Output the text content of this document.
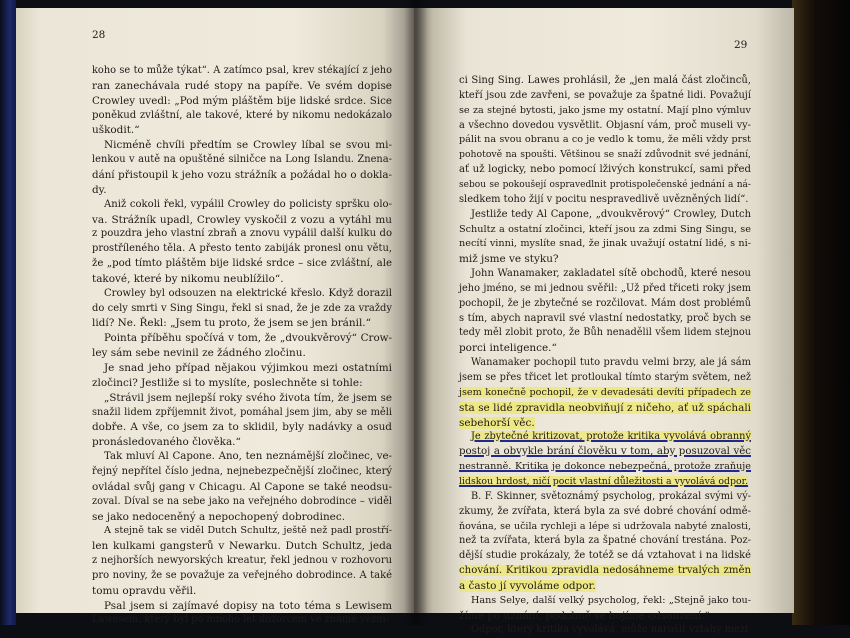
28
koho se to může týkat“. A zatímco psal, krev stékající z jeho
ran zanechávala rudé stopy na papíře. Ve svém dopise
Crowley uvedl: „Pod mým pláštěm bije lidské srdce. Sice
poněkud zvláštní, ale takové, které by nikomu nedokázalo
uškodit.“
Nicméně chvíli předtím se Crowley líbal se svou mi-
lenkou v autě na opuštěné silničce na Long Islandu. Znena-
dání přistoupil k jeho vozu strážník a požádal ho o dokla-
dy.
Aniž cokoli řekl, vypálil Crowley do policisty spršku olo-
va. Strážník upadl, Crowley vyskočil z vozu a vytáhl mu
z pouzdra jeho vlastní zbraň a znovu vypálil další kulku do
prostříleného těla. A přesto tento zabiják pronesl onu větu,
že „pod tímto pláštěm bije lidské srdce – sice zvláštní, ale
takové, které by nikomu neublížilo“.
Crowley byl odsouzen na elektrické křeslo. Když dorazil
do cely smrti v Sing Singu, řekl si snad, že je zde za vraždy
lidí? Ne. Řekl: „Jsem tu proto, že jsem se jen bránil.“
Pointa příběhu spočívá v tom, že „dvoukvěrový“ Crow-
ley sám sebe nevinil ze žádného zločinu.
Je snad jeho případ nějakou výjimkou mezi ostatními
zločinci? Jestliže si to myslíte, poslechněte si tohle:
„Strávil jsem nejlepší roky svého života tím, že jsem se
snažil lidem zpříjemnit život, pomáhal jsem jim, aby se měli
dobře. A vše, co jsem za to sklidil, byly nadávky a osud
pronásledovaného člověka.“
Tak mluví Al Capone. Ano, ten neznámější zločinec, ve-
řejný nepřítel číslo jedna, nejnebezpečnější zločinec, který
ovládal svůj gang v Chicagu. Al Capone se také neodsu-
zoval. Díval se na sebe jako na veřejného dobrodince – viděl
se jako nedoceněný a nepochopený dobrodinec.
A stejně tak se viděl Dutch Schultz, ještě než padl prostří-
len kulkami gangsterů v Newarku. Dutch Schultz, jeda
z nejhorších newyorských kreatur, řekl jednou v rozhovoru
pro noviny, že se považuje za veřejného dobrodince. A také
tomu opravdu věřil.
Psal jsem si zajímavé dopisy na toto téma s Lewisem
Lawesem, který byl po mnoho let dozorcem ve známé vězni-
29
ci Sing Sing. Lawes prohlásil, že „jen malá část zločinců,
kteří jsou zde zavřeni, se považuje za špatné lidi. Považují
se za stejné bytosti, jako jsme my ostatní. Mají plno výmluv
a všechno dovedou vysvětlit. Objasní vám, proč museli vy-
pálit na svou obranu a co je vedlo k tomu, že měli vždy prst
pohotově na spoušti. Většinou se snaží zdůvodnit své jednání,
ať už logicky, nebo pomocí lživých konstrukcí, sami před
sebou se pokoušejí ospravedlnit protispolečenské jednání a ná-
sledkem toho žijí v pocitu nespravedlivě uvězněných lidí“.
Jestliže tedy Al Capone, „dvoukvěrový“ Crowley, Dutch
Schultz a ostatní zločinci, kteří jsou za zdmi Sing Singu, se
necítí vinni, myslíte snad, že jinak uvažují ostatní lidé, s ni-
miž jsme ve styku?
John Wanamaker, zakladatel sítě obchodů, které nesou
jeho jméno, se mi jednou svěřil: „Už před třiceti roky jsem
pochopil, že je zbytečné se rozčilovat. Mám dost problémů
s tím, abych napravil své vlastní nedostatky, proč bych se
tedy měl zlobit proto, že Bůh nenadělil všem lidem stejnou
porci inteligence.“
Wanamaker pochopil tuto pravdu velmi brzy, ale já sám
jsem se přes třicet let protloukal tímto starým světem, než
jsem konečně pochopil, že v devadesáti devíti případech ze
sta se lidé zpravidla neobviňují z ničeho, ať už spáchali
sebehorší věc.
Je zbytečné kritizovat, protože kritika vyvolává obranný
postoj a obvykle brání člověku v tom, aby posuzoval věc
nestranně. Kritika je dokonce nebezpečná, protože zraňuje
lidskou hrdost, ničí pocit vlastní důležitosti a vyvolává odpor.
B. F. Skinner, světoznámý psycholog, prokázal svými vý-
zkumy, že zvířata, která byla za své dobré chování odmě-
ňována, se učila rychleji a lépe si udržovala nabyté znalosti,
než ta zvířata, která byla za špatné chování trestána. Poz-
dější studie prokázaly, že totéž se dá vztahovat i na lidské
chování. Kritikou zpravidla nedosáhneme trvalých změn
a často jí vyvoláme odpor.
Hans Selye, další velký psycholog, řekl: „Stejně jako tou-
žíme po uznání, podobně se bojíme odsouzení.“
Odpor, který kritika vyvolává, může narušit vztahy mezi
